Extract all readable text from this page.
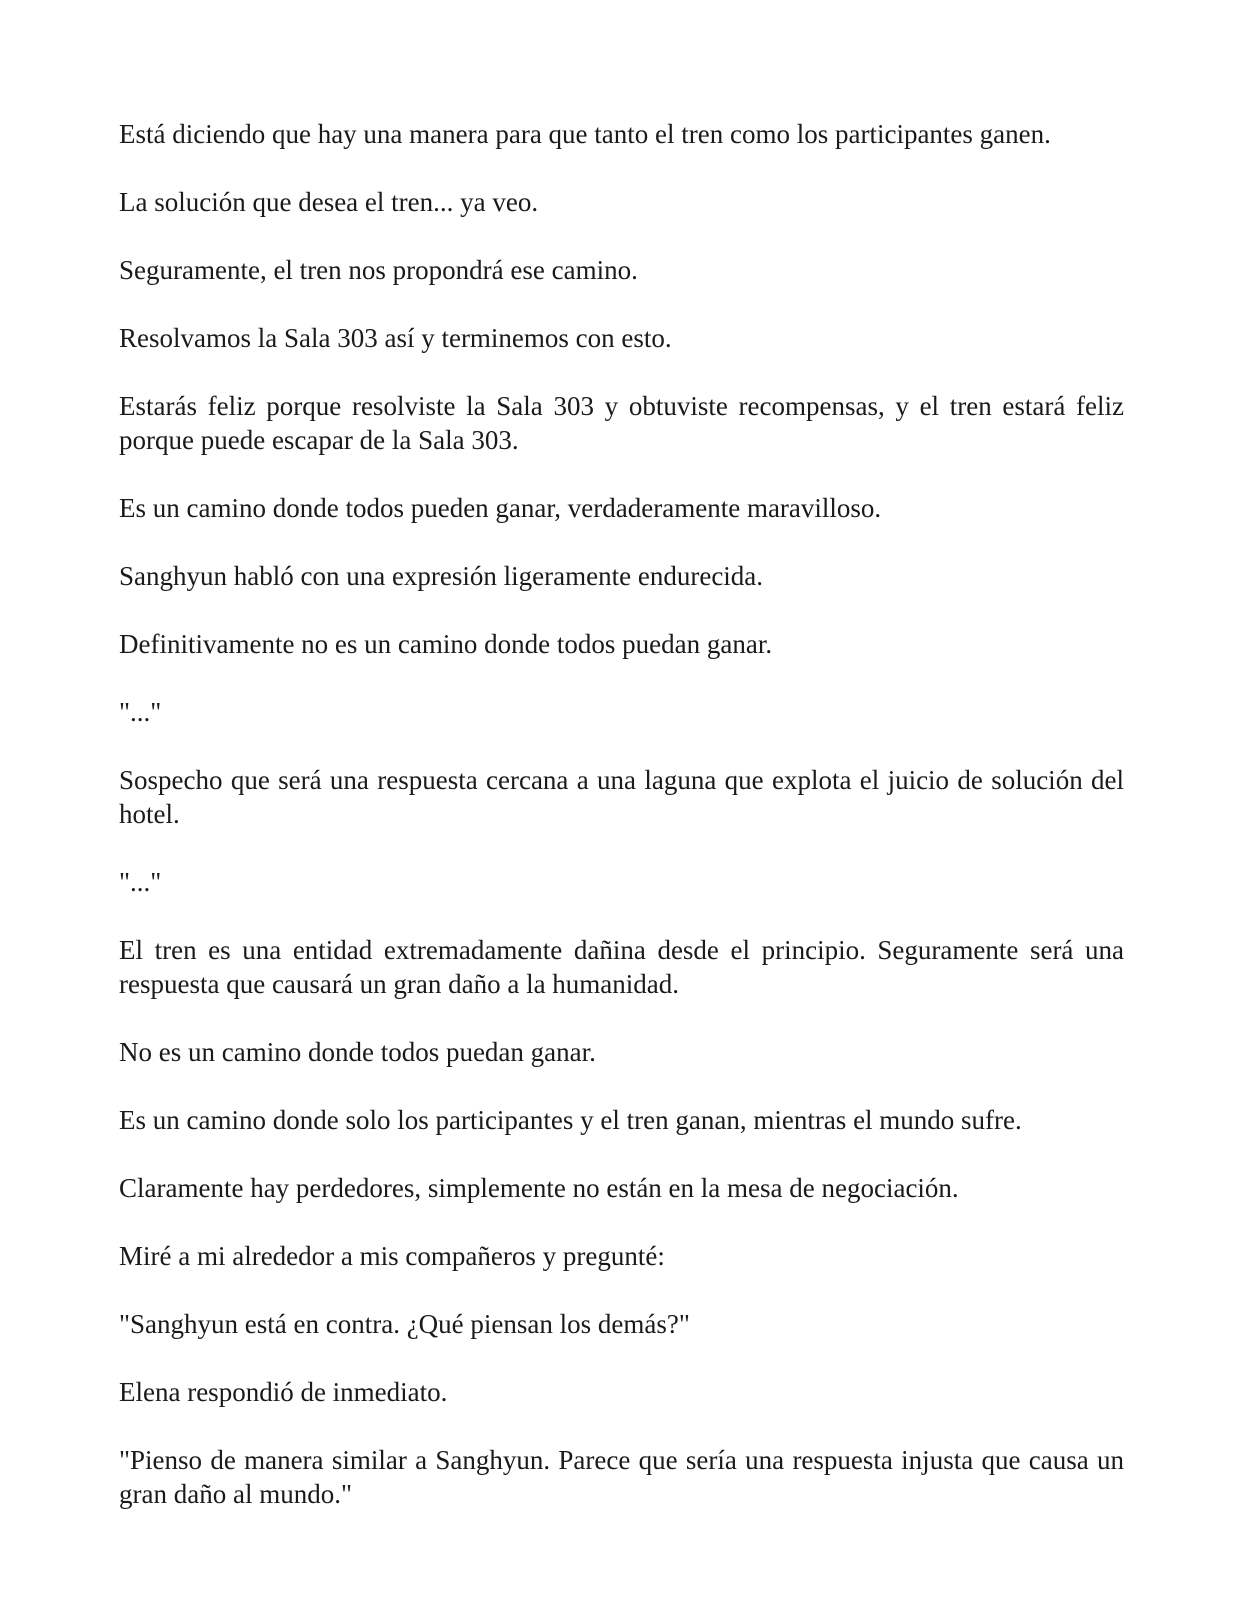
Está diciendo que hay una manera para que tanto el tren como los participantes ganen.

La solución que desea el tren... ya veo.

Seguramente, el tren nos propondrá ese camino.

Resolvamos la Sala 303 así y terminemos con esto.

Estarás feliz porque resolviste la Sala 303 y obtuviste recompensas, y el tren estará feliz porque puede escapar de la Sala 303.

Es un camino donde todos pueden ganar, verdaderamente maravilloso.

Sanghyun habló con una expresión ligeramente endurecida.

Definitivamente no es un camino donde todos puedan ganar.

"..."

Sospecho que será una respuesta cercana a una laguna que explota el juicio de solución del hotel.

"..."

El tren es una entidad extremadamente dañina desde el principio. Seguramente será una respuesta que causará un gran daño a la humanidad.

No es un camino donde todos puedan ganar.

Es un camino donde solo los participantes y el tren ganan, mientras el mundo sufre.

Claramente hay perdedores, simplemente no están en la mesa de negociación.

Miré a mi alrededor a mis compañeros y pregunté:

"Sanghyun está en contra. ¿Qué piensan los demás?"

Elena respondió de inmediato.

"Pienso de manera similar a Sanghyun. Parece que sería una respuesta injusta que causa un gran daño al mundo."
